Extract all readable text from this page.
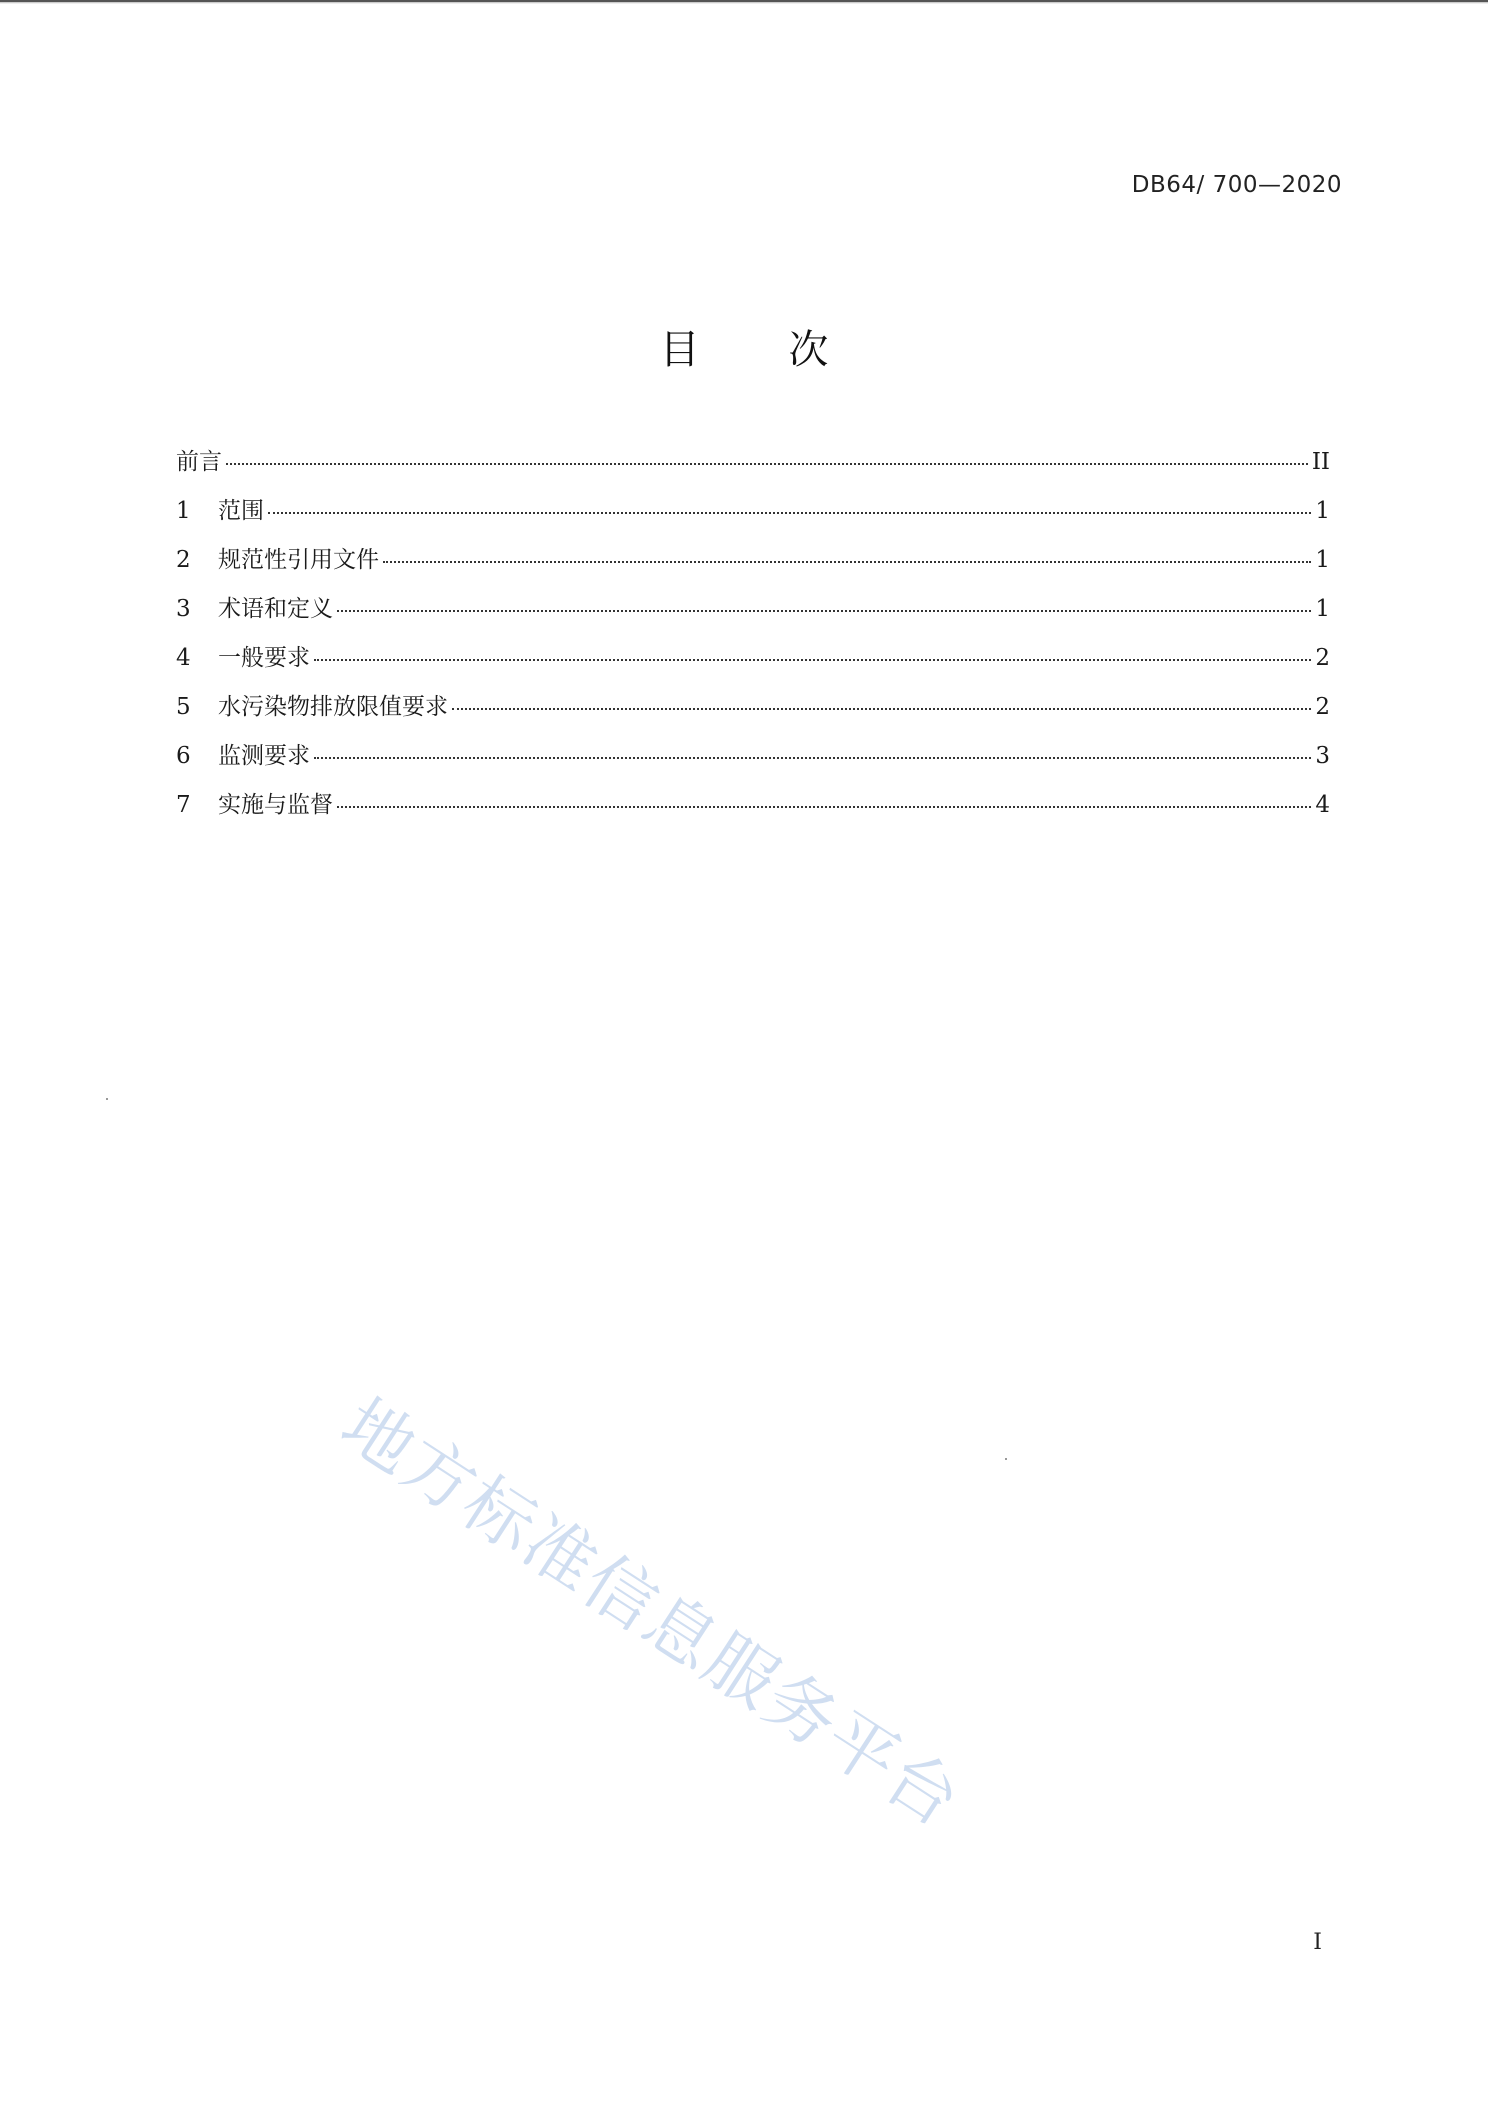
DB64/ 700—2020
目 次
前言	II
1	范围	1
2	规范性引用文件	1
3	术语和定义	1
4	一般要求	2
5	水污染物排放限值要求	2
6	监测要求	3
7	实施与监督	4
地方标准信息服务平台
I
